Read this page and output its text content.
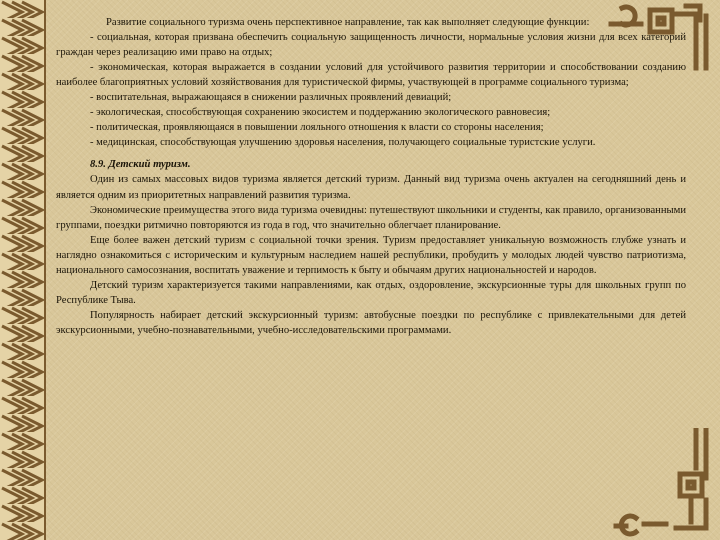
Развитие социального туризма очень перспективное направление, так как выполняет следующие функции:

- социальная, которая призвана обеспечить социальную защищенность личности, нормальные условия жизни для всех категорий граждан через реализацию ими право на отдых;

- экономическая, которая выражается в создании условий для устойчивого развития территории и способствовании созданию наиболее благоприятных условий хозяйствования для туристической фирмы, участвующей в программе социального туризма;

- воспитательная, выражающаяся в снижении различных проявлений девиаций;

- экологическая, способствующая сохранению экосистем и поддержанию экологического равновесия;

- политическая, проявляющаяся в повышении лояльного отношения к власти со стороны населения;

- медицинская, способствующая улучшению здоровья населения, получающего социальные туристские услуги.

8.9. Детский туризм.

Один из самых массовых видов туризма является детский туризм. Данный вид туризма очень актуален на сегодняшний день и является одним из приоритетных направлений развития туризма.

Экономические преимущества этого вида туризма очевидны: путешествуют школьники и студенты, как правило, организованными группами, поездки ритмично повторяются из года в год, что значительно облегчает планирование.

Еще более важен детский туризм с социальной точки зрения. Туризм предоставляет уникальную возможность глубже узнать и наглядно ознакомиться с историческим и культурным наследием нашей республики, пробудить у молодых людей чувство патриотизма, национального самосознания, воспитать уважение и терпимость к быту и обычаям других национальностей и народов.

Детский туризм характеризуется такими направлениями, как отдых, оздоровление, экскурсионные туры для школьных групп по Республике Тыва.

Популярность набирает детский экскурсионный туризм: автобусные поездки по республике с привлекательными для детей экскурсионными, учебно-познавательными, учебно-исследовательскими программами.
